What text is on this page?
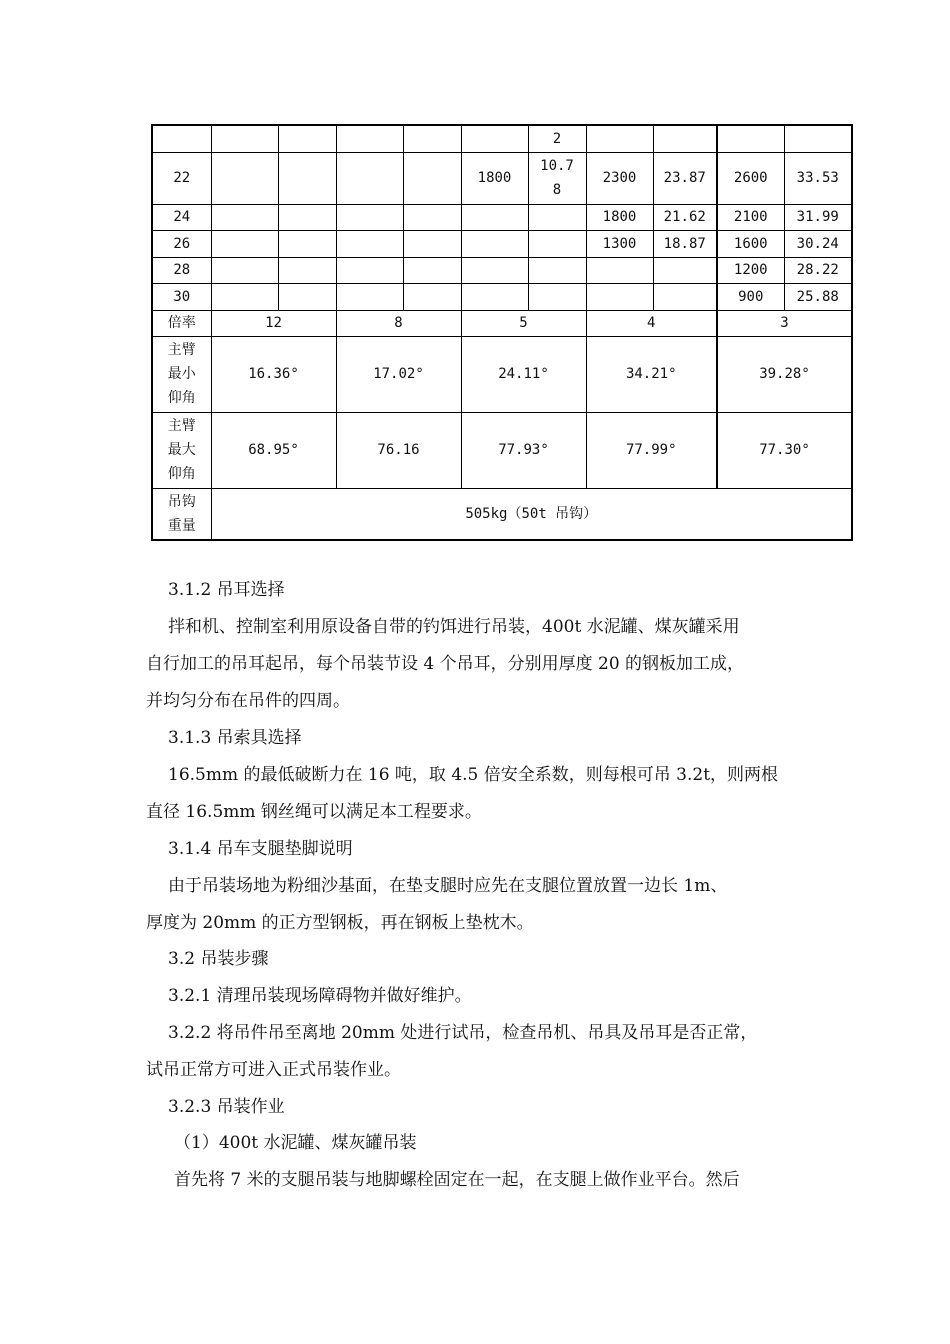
						2				
22					1800	10.78	2300	23.87	2600	33.53
24							1800	21.62	2100	31.99
26							1300	18.87	1600	30.24
28									1200	28.22
30									900	25.88
倍率	12		8		5		4		3	

主臂
最小
仰角	16.36°		17.02°		24.11°		34.21°		39.28°	

主臂
最大
仰角	68.95°		76.16		77.93°		77.99°		77.30°	

吊钩
重量	505kg（50t 吊钩）									

3.1.2 吊耳选择

拌和机、控制室利用原设备自带的钓饵进行吊装，400t 水泥罐、煤灰罐采用

自行加工的吊耳起吊，每个吊装节设 4 个吊耳，分别用厚度 20 的钢板加工成，

并均匀分布在吊件的四周。

3.1.3 吊索具选择

16.5mm 的最低破断力在 16 吨，取 4.5 倍安全系数，则每根可吊 3.2t，则两根

直径 16.5mm 钢丝绳可以满足本工程要求。

3.1.4 吊车支腿垫脚说明

由于吊装场地为粉细沙基面，在垫支腿时应先在支腿位置放置一边长 1m、

厚度为 20mm 的正方型钢板，再在钢板上垫枕木。

3.2 吊装步骤

3.2.1 清理吊装现场障碍物并做好维护。

3.2.2 将吊件吊至离地 20mm 处进行试吊，检查吊机、吊具及吊耳是否正常，

试吊正常方可进入正式吊装作业。

3.2.3 吊装作业

（1）400t 水泥罐、煤灰罐吊装

首先将 7 米的支腿吊装与地脚螺栓固定在一起，在支腿上做作业平台。然后
